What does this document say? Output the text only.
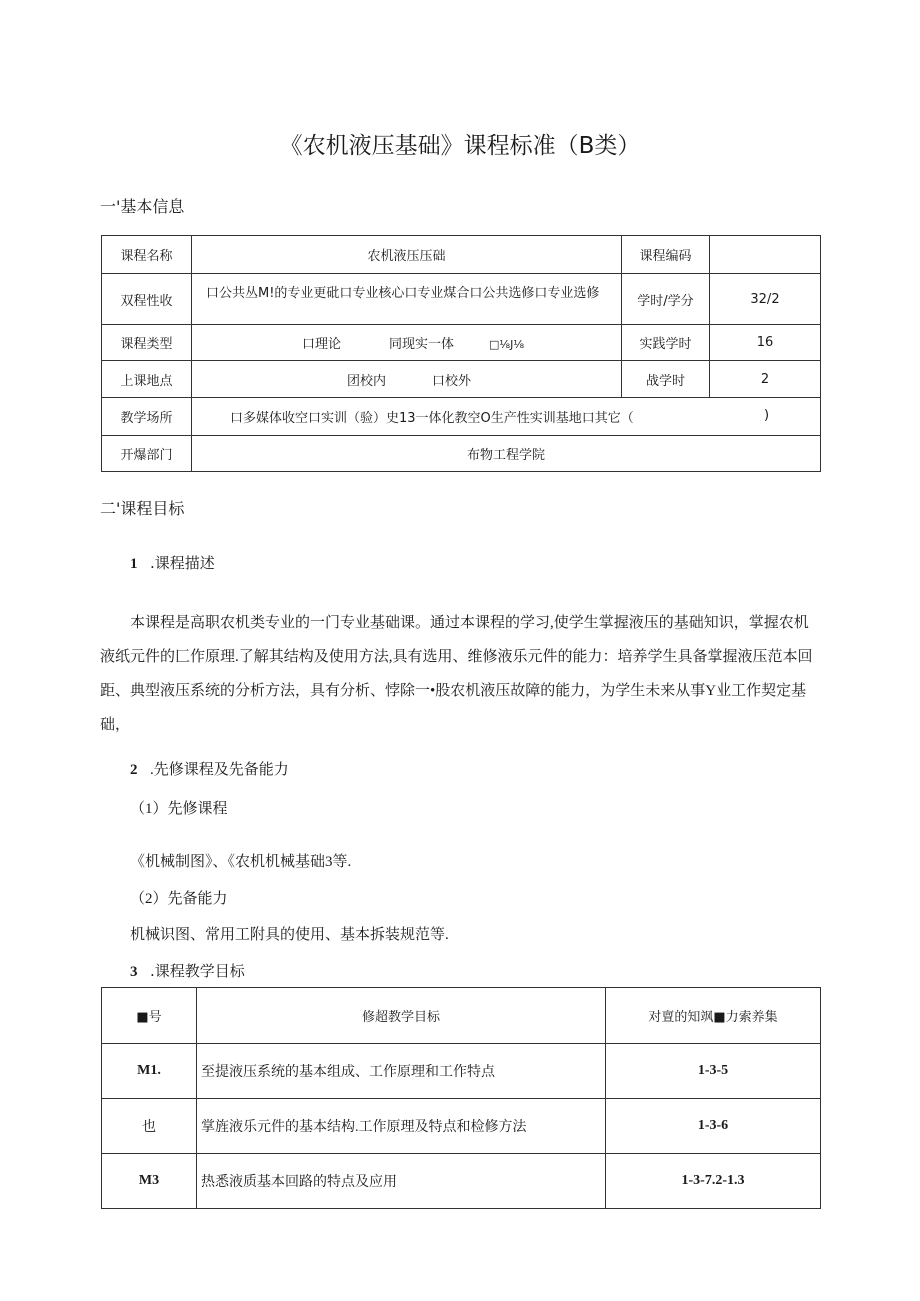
《农机液压基础》课程标准（B类）
一'基本信息
课程名称	农机液压压础	课程编码	
双程性收	口公共丛M!的专业更砒口专业核心口专业煤合口公共选修口专业选修	学时/学分	32/2
课程类型	口理论 同现实一体 □⅛J⅛	实践学时	16
上课地点	团校内 口校外	战学时	2
教学场所	口多媒体收空口实训（验）史13一体化教空O生产性实训基地口其它（ )		

开爆部门	布物工程学院		
二'课程目标
1 .课程描述
本课程是高职农机类专业的一门专业基础课。通过本课程的学习,使学生掌握液压的基础知识，掌握农机液纸元件的匚作原理.了解其结构及使用方法,具有选用、维修液乐元件的能力：培养学生具备掌握液压范本回距、典型液压系统的分析方法，具有分析、悖除一•股农机液压故障的能力，为学生未来从事Y业工作契定基础，
2 .先修课程及先备能力
（1）先修课程
《机械制图》、《农机机械基础3等.
（2）先备能力
机械识图、常用工附具的使用、基本拆装规范等.
3 .课程教学目标
■号	修超教学目标	对亶的知飒■力索养集
M1.	至提液压系统的基本组成、工作原理和工作特点	1-3-5
也	掌旌液乐元件的基本结构.工作原理及特点和检修方法	1-3-6
M3	热悉液质基本回路的特点及应用	1-3-7.2-1.3
